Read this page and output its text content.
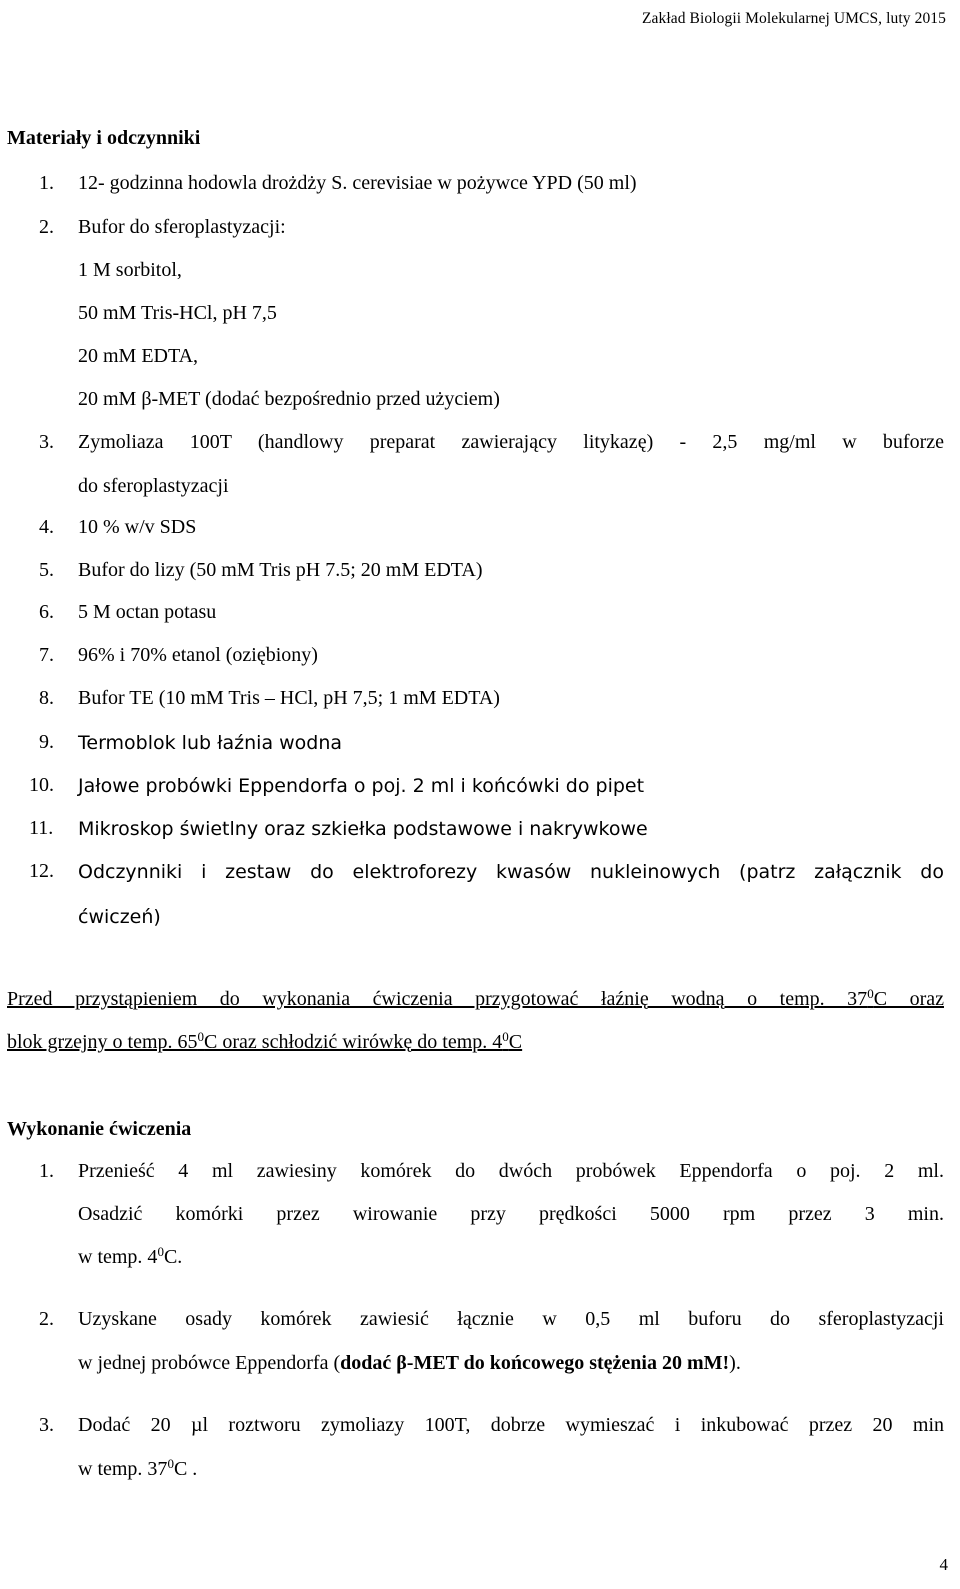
Zakład Biologii Molekularnej UMCS, luty 2015
Materiały i odczynniki
1. 12- godzinna hodowla drożdży S. cerevisiae w pożywce YPD (50 ml)
2. Bufor do sferoplastyzacji:
1 M sorbitol,
50 mM Tris-HCl, pH 7,5
20 mM EDTA,
20 mM β-MET (dodać bezpośrednio przed użyciem)
3. Zymoliaza 100T (handlowy preparat zawierający litykazę) - 2,5 mg/ml w buforze
do sferoplastyzacji
4. 10 % w/v SDS
5. Bufor do lizy (50 mM Tris pH 7.5; 20 mM EDTA)
6. 5 M octan potasu
7. 96% i 70% etanol (oziębiony)
8. Bufor TE (10 mM Tris – HCl, pH 7,5; 1 mM EDTA)
9. Termoblok lub łaźnia wodna
10. Jałowe probówki Eppendorfa o poj. 2 ml i końcówki do pipet
11. Mikroskop świetlny oraz szkiełka podstawowe i nakrywkowe
12. Odczynniki i zestaw do elektroforezy kwasów nukleinowych (patrz załącznik do
ćwiczeń)
Przed przystąpieniem do wykonania ćwiczenia przygotować łaźnię wodną o temp. $37^0C$ oraz
blok grzejny o temp. $65^0C$ oraz schłodzić wirówkę do temp. $4^0C$
Wykonanie ćwiczenia
1. Przenieść 4 ml zawiesiny komórek do dwóch probówek Eppendorfa o poj. 2 ml.
Osadzić komórki przez wirowanie przy prędkości 5000 rpm przez 3 min.
w temp. $4^0C$.
2. Uzyskane osady komórek zawiesić łącznie w 0,5 ml buforu do sferoplastyzacji
w jednej probówce Eppendorfa (dodać β-MET do końcowego stężenia 20 mM!).
3. Dodać 20 µl roztworu zymoliazy 100T, dobrze wymieszać i inkubować przez 20 min
w temp. $37^0C$ .
4
